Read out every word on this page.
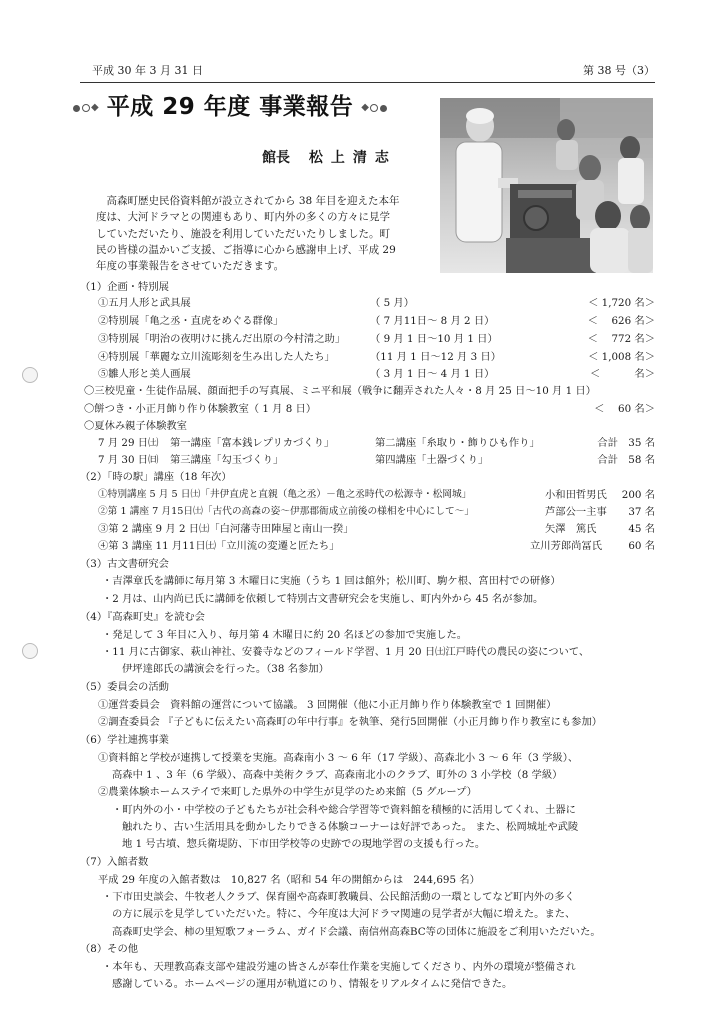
平成 30 年 3 月 31 日	第 38 号（3）
◆ 平成 29 年度 事業報告 ◆
館長 松上清志
高森町歴史民俗資料館が設立されてから 38 年目を迎えた本年
度は、大河ドラマとの関連もあり、町内外の多くの方々に見学
していただいたり、施設を利用していただいたりしました。町
民の皆様の温かいご支援、ご指導に心から感謝申上げ、平成 29
年度の事業報告をさせていただきます。
（1）企画・特別展
①五月人形と武具展	（ 5 月）	＜ 1,720 名＞
②特別展「亀之丞・直虎をめぐる群像」	（ 7 月11日～ 8 月 2 日）	＜　 626 名＞
③特別展「明治の夜明けに挑んだ出原の今村清之助」 （ 9 月 1 日～10 月 1 日）	＜　 772 名＞
④特別展「華麗な立川流彫刻を生み出した人たち」	（11 月 1 日～12 月 3 日）	＜ 1,008 名＞
⑤雛人形と美人画展	（ 3 月 1 日～ 4 月 1 日）	＜　　　 名＞
〇三校児童・生徒作品展、顔面把手の写真展、ミニ平和展（戦争に翻弄された人々・8 月 25 日～10 月 1 日）
〇餅つき・小正月飾り作り体験教室（ 1 月 8 日）	＜　 60 名＞
〇夏休み親子体験教室
7 月 29 日㈯ 第一講座「富本銭レプリカづくり」	第二講座「糸取り・飾りひも作り」	合計　35 名
7 月 30 日㈰ 第三講座「勾玉づくり」	第四講座「土器づくり」	合計　58 名
（2）「時の駅」講座（18 年次）
①特別講座 5 月 5 日㈯「井伊直虎と直親（亀之丞）－亀之丞時代の松源寺・松岡城」	小和田哲男氏 200 名
②第 1 講座 7 月15日㈯「古代の高森の姿～伊那郡衙成立前後の様相を中心にして～」	芦部公一主事 37 名
③第 2 講座 9 月 2 日㈯「白河藩寺田陣屋と南山一揆」	矢澤　篤氏	45 名
④第 3 講座 11 月11日㈯「立川流の変遷と匠たち」	立川芳郎尚冨氏	60 名
（3）古文書研究会
・吉澤章氏を講師に毎月第 3 木曜日に実施（うち 1 回は館外；松川町、駒ケ根、宮田村での研修）
・2 月は、山内尚已氏に講師を依頼して特別古文書研究会を実施し、町内外から 45 名が参加。
（4）『高森町史』を読む会
・発足して 3 年目に入り、毎月第 4 木曜日に約 20 名ほどの参加で実施した。
・11 月に古御家、萩山神社、安養寺などのフィールド学習、1 月 20 日㈯江戸時代の農民の姿について、
伊坪達郎氏の講演会を行った。（38 名参加）
（5）委員会の活動
①運営委員会　資料館の運営について協議。 3 回開催（他に小正月飾り作り体験教室で 1 回開催）
②調査委員会 『子どもに伝えたい高森町の年中行事』を執筆、発行5回開催（小正月飾り作り教室にも参加）
（6）学社連携事業
①資料館と学校が連携して授業を実施。高森南小 3 ～ 6 年（17 学級）、高森北小 3 ～ 6 年（3 学級）、
高森中 1 、3 年（6 学級）、高森中美術クラブ、高森南北小のクラブ、町外の 3 小学校（8 学級）
②農業体験ホームステイで来町した県外の中学生が見学のため来館（5 グループ）
・町内外の小・中学校の子どもたちが社会科や総合学習等で資料館を積極的に活用してくれ、土器に
触れたり、古い生活用具を動かしたりできる体験コーナーは好評であった。 また、松岡城址や武陵
地 1 号古墳、惣兵衛堤防、下市田学校等の史跡での現地学習の支援も行った。
（7）入館者数
平成 29 年度の入館者数は　10,827 名（昭和 54 年の開館からは　244,695 名）
・下市田史談会、牛牧老人クラブ、保育園や高森町教職員、公民館活動の一環としてなど町内外の多く
の方に展示を見学していただいた。特に、今年度は大河ドラマ関連の見学者が大幅に増えた。また、
高森町史学会、柿の里短歌フォーラム、ガイド会議、南信州高森BC等の団体に施設をご利用いただいた。
（8）その他
・本年も、天理教高森支部や建設労連の皆さんが奉仕作業を実施してくださり、内外の環境が整備され
感謝している。ホームページの運用が軌道にのり、情報をリアルタイムに発信できた。
